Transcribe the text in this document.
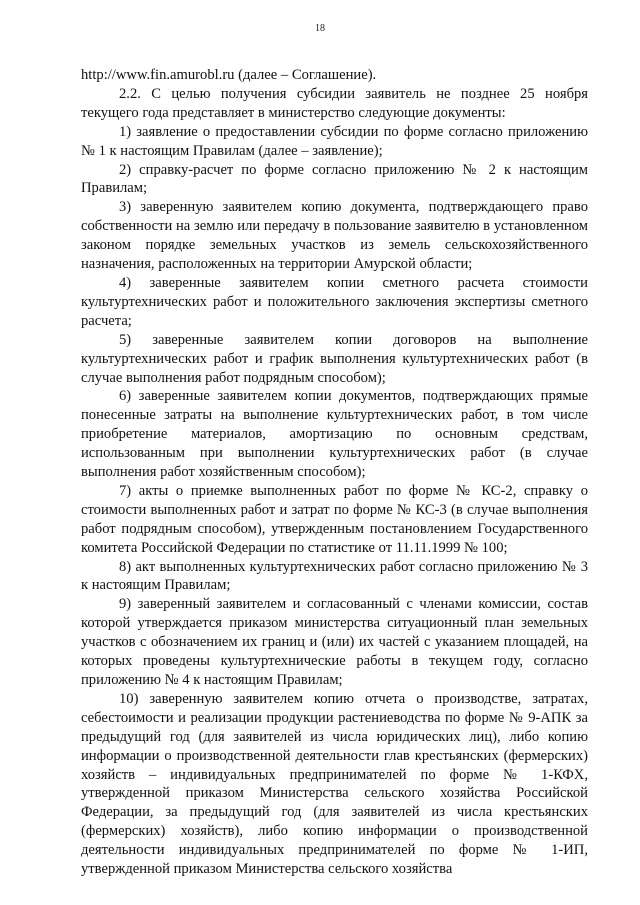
18

http://www.fin.amurobl.ru (далее – Соглашение).

2.2. С целью получения субсидии заявитель не позднее 25 ноября текущего года представляет в министерство следующие документы:

1) заявление о предоставлении субсидии по форме согласно приложению № 1 к настоящим Правилам (далее – заявление);

2) справку-расчет по форме согласно приложению № 2 к настоящим Правилам;

3) заверенную заявителем копию документа, подтверждающего право собственности на землю или передачу в пользование заявителю в установленном законом порядке земельных участков из земель сельскохозяйственного назначения, расположенных на территории Амурской области;

4) заверенные заявителем копии сметного расчета стоимости культуртехнических работ и положительного заключения экспертизы сметного расчета;

5) заверенные заявителем копии договоров на выполнение культуртехнических работ и график выполнения культуртехнических работ (в случае выполнения работ подрядным способом);

6) заверенные заявителем копии документов, подтверждающих прямые понесенные затраты на выполнение культуртехнических работ, в том числе приобретение материалов, амортизацию по основным средствам, использованным при выполнении культуртехнических работ (в случае выполнения работ хозяйственным способом);

7) акты о приемке выполненных работ по форме № КС-2, справку о стоимости выполненных работ и затрат по форме № КС-3 (в случае выполнения работ подрядным способом), утвержденным постановлением Государственного комитета Российской Федерации по статистике от 11.11.1999 № 100;

8) акт выполненных культуртехнических работ согласно приложению № 3 к настоящим Правилам;

9) заверенный заявителем и согласованный с членами комиссии, состав которой утверждается приказом министерства ситуационный план земельных участков с обозначением их границ и (или) их частей с указанием площадей, на которых проведены культуртехнические работы в текущем году, согласно приложению № 4 к настоящим Правилам;

10) заверенную заявителем копию отчета о производстве, затратах, себестоимости и реализации продукции растениеводства по форме № 9-АПК за предыдущий год (для заявителей из числа юридических лиц), либо копию информации о производственной деятельности глав крестьянских (фермерских) хозяйств – индивидуальных предпринимателей по форме № 1-КФХ, утвержденной приказом Министерства сельского хозяйства Российской Федерации, за предыдущий год (для заявителей из числа крестьянских (фермерских) хозяйств), либо копию информации о производственной деятельности индивидуальных предпринимателей по форме № 1-ИП, утвержденной приказом Министерства сельского хозяйства
